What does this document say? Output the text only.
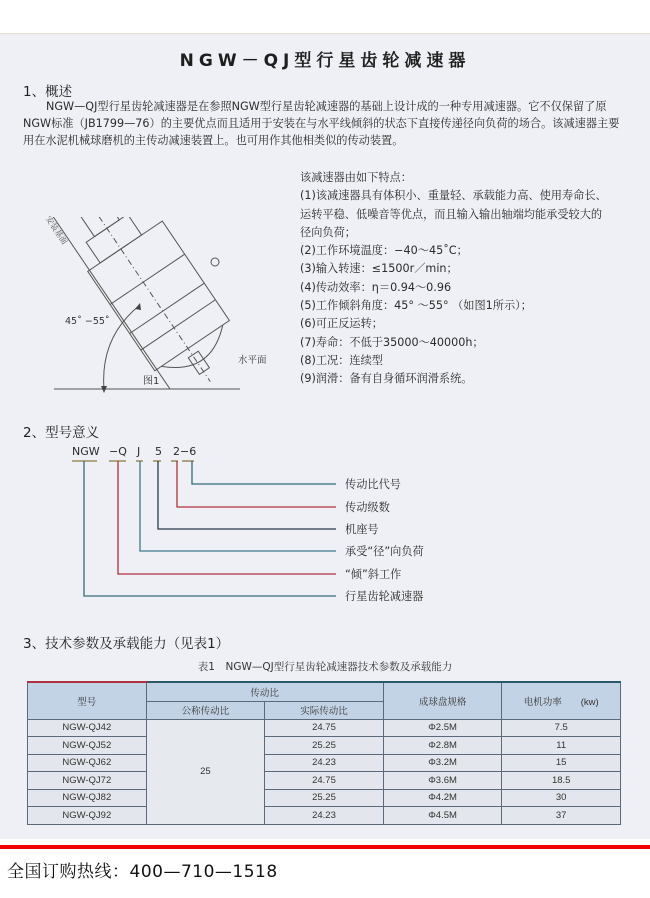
NGW－QJ型行星齿轮减速器
1、概述
NGW—QJ型行星齿轮减速器是在参照NGW型行星齿轮减速器的基础上设计成的一种专用减速器。它不仅保留了原NGW标准（JB1799—76）的主要优点而且适用于安装在与水平线倾斜的状态下直接传递径向负荷的场合。该减速器主要用在水泥机械球磨机的主传动减速装置上。也可用作其他相类似的传动装置。
安装基面
45˚ −55˚
水平面
图1
该减速器由如下特点：
(1)该减速器具有体积小、重量轻、承载能力高、使用寿命长、
运转平稳、低噪音等优点，而且输入输出轴端均能承受较大的
径向负荷；
(2)工作环境温度：−40～45˚C；
(3)输入转速：≤1500r／min；
(4)传动效率：η＝0.94～0.96
(5)工作倾斜角度：45° ～55° （如图1所示）；
(6)可正反运转；
(7)寿命：不低于35000～40000h；
(8)工况：连续型
(9)润滑：备有自身循环润滑系统。
2、型号意义
NGW −Q J 5 2−6
传动比代号
传动级数
机座号
承受“径”向负荷
“倾”斜工作
行星齿轮减速器
3、技术参数及承载能力（见表1）
表1　NGW—QJ型行星齿轮减速器技术参数及承载能力
型号	传动比		成球盘规格	电机功率　　(kw)
	公称传动比	实际传动比		
NGW-QJ42	25	24.75	Φ2.5M	7.5
NGW-QJ52		25.25	Φ2.8M	11
NGW-QJ62		24.23	Φ3.2M	15
NGW-QJ72		24.75	Φ3.6M	18.5
NGW-QJ82		25.25	Φ4.2M	30
NGW-QJ92		24.23	Φ4.5M	37
全国订购热线：400—710—1518
